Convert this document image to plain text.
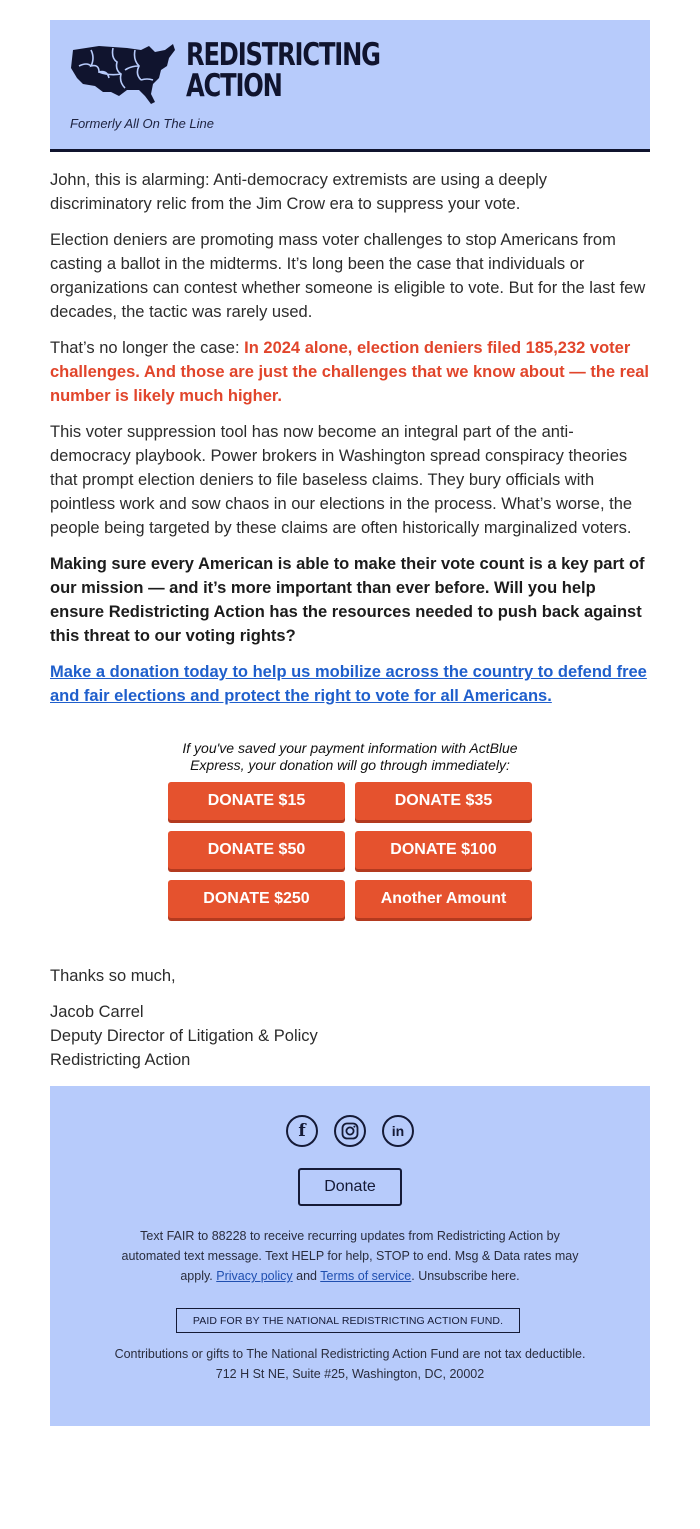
REDISTRICTING
ACTION
Formerly All On The Line

John, this is alarming: Anti-democracy extremists are using a deeply discriminatory relic from the Jim Crow era to suppress your vote.

Election deniers are promoting mass voter challenges to stop Americans from casting a ballot in the midterms. It’s long been the case that individuals or organizations can contest whether someone is eligible to vote. But for the last few decades, the tactic was rarely used.

That’s no longer the case: In 2024 alone, election deniers filed 185,232 voter challenges. And those are just the challenges that we know about — the real number is likely much higher.

This voter suppression tool has now become an integral part of the anti-democracy playbook. Power brokers in Washington spread conspiracy theories that prompt election deniers to file baseless claims. They bury officials with pointless work and sow chaos in our elections in the process. What’s worse, the people being targeted by these claims are often historically marginalized voters.

Making sure every American is able to make their vote count is a key part of our mission — and it’s more important than ever before. Will you help ensure Redistricting Action has the resources needed to push back against this threat to our voting rights?

Make a donation today to help us mobilize across the country to defend free and fair elections and protect the right to vote for all Americans.

If you've saved your payment information with ActBlue Express, your donation will go through immediately:
DONATE $15	DONATE $35
DONATE $50	DONATE $100
DONATE $250	Another Amount

Thanks so much,

Jacob Carrel
Deputy Director of Litigation & Policy
Redistricting Action

f	in
Donate
Text FAIR to 88228 to receive recurring updates from Redistricting Action by automated text message. Text HELP for help, STOP to end. Msg & Data rates may apply. Privacy policy and Terms of service. Unsubscribe here.
PAID FOR BY THE NATIONAL REDISTRICTING ACTION FUND.
Contributions or gifts to The National Redistricting Action Fund are not tax deductible.
712 H St NE, Suite #25, Washington, DC, 20002
